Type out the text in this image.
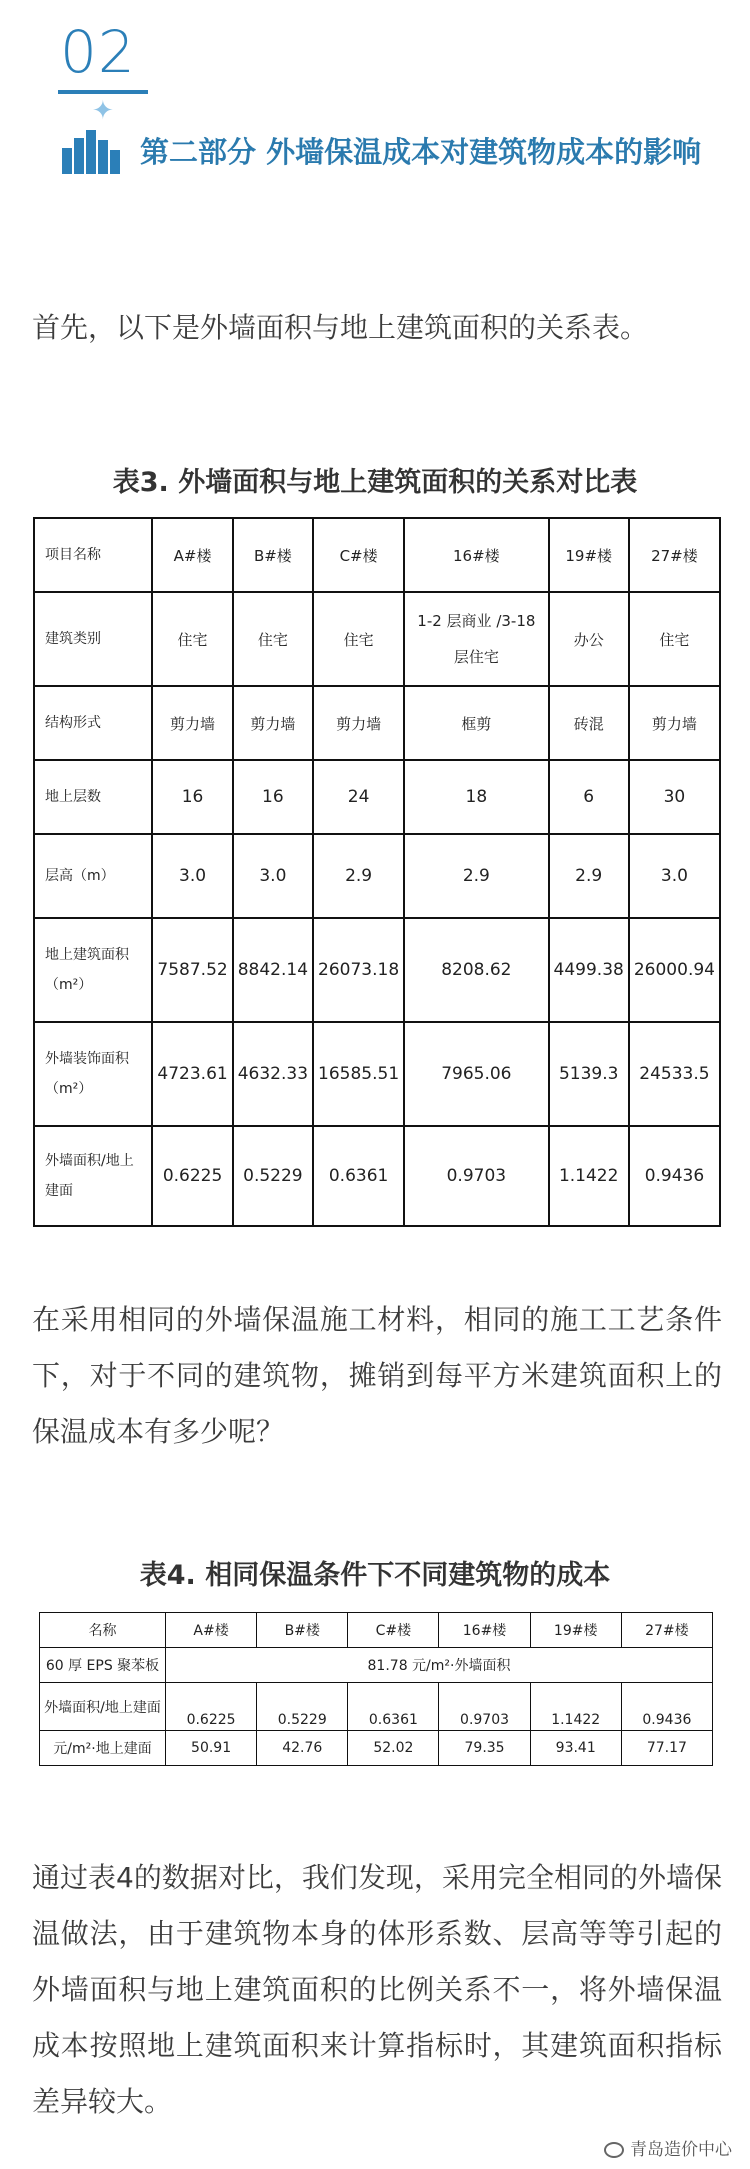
02
✦
第二部分 外墙保温成本对建筑物成本的影响

首先，以下是外墙面积与地上建筑面积的关系表。

表3. 外墙面积与地上建筑面积的关系对比表
项目名称	A#楼	B#楼	C#楼	16#楼	19#楼	27#楼
建筑类别	住宅	住宅	住宅	1-2 层商业 /3-18 层住宅	办公	住宅
结构形式	剪力墙	剪力墙	剪力墙	框剪	砖混	剪力墙
地上层数	16	16	24	18	6	30
层高（m）	3.0	3.0	2.9	2.9	2.9	3.0
地上建筑面积（m²）	7587.52	8842.14	26073.18	8208.62	4499.38	26000.94
外墙装饰面积（m²）	4723.61	4632.33	16585.51	7965.06	5139.3	24533.5
外墙面积/地上建面	0.6225	0.5229	0.6361	0.9703	1.1422	0.9436

在采用相同的外墙保温施工材料，相同的施工工艺条件下，对于不同的建筑物，摊销到每平方米建筑面积上的保温成本有多少呢？

表4. 相同保温条件下不同建筑物的成本
名称	A#楼	B#楼	C#楼	16#楼	19#楼	27#楼
60 厚 EPS 聚苯板	81.78 元/m²·外墙面积					
外墙面积/地上建面	0.6225	0.5229	0.6361	0.9703	1.1422	0.9436
元/m²·地上建面	50.91	42.76	52.02	79.35	93.41	77.17

通过表4的数据对比，我们发现，采用完全相同的外墙保温做法，由于建筑物本身的体形系数、层高等等引起的外墙面积与地上建筑面积的比例关系不一，将外墙保温成本按照地上建筑面积来计算指标时，其建筑面积指标差异较大。

青岛造价中心
